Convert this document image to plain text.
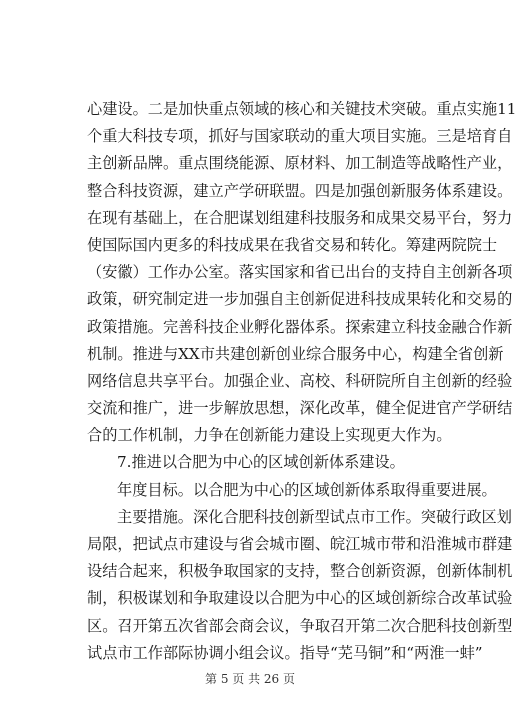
心建设。二是加快重点领域的核心和关键技术突破。重点实施11
个重大科技专项，抓好与国家联动的重大项目实施。三是培育自
主创新品牌。重点围绕能源、原材料、加工制造等战略性产业，
整合科技资源，建立产学研联盟。四是加强创新服务体系建设。
在现有基础上，在合肥谋划组建科技服务和成果交易平台，努力
使国际国内更多的科技成果在我省交易和转化。筹建两院院士
（安徽）工作办公室。落实国家和省已出台的支持自主创新各项
政策，研究制定进一步加强自主创新促进科技成果转化和交易的
政策措施。完善科技企业孵化器体系。探索建立科技金融合作新
机制。推进与XX市共建创新创业综合服务中心，构建全省创新
网络信息共享平台。加强企业、高校、科研院所自主创新的经验
交流和推广，进一步解放思想，深化改革，健全促进官产学研结
合的工作机制，力争在创新能力建设上实现更大作为。
7.推进以合肥为中心的区域创新体系建设。
年度目标。以合肥为中心的区域创新体系取得重要进展。
主要措施。深化合肥科技创新型试点市工作。突破行政区划
局限，把试点市建设与省会城市圈、皖江城市带和沿淮城市群建
设结合起来，积极争取国家的支持，整合创新资源，创新体制机
制，积极谋划和争取建设以合肥为中心的区域创新综合改革试验
区。召开第五次省部会商会议，争取召开第二次合肥科技创新型
试点市工作部际协调小组会议。指导“芜马铜”和“两淮一蚌”
第 5 页 共 26 页
